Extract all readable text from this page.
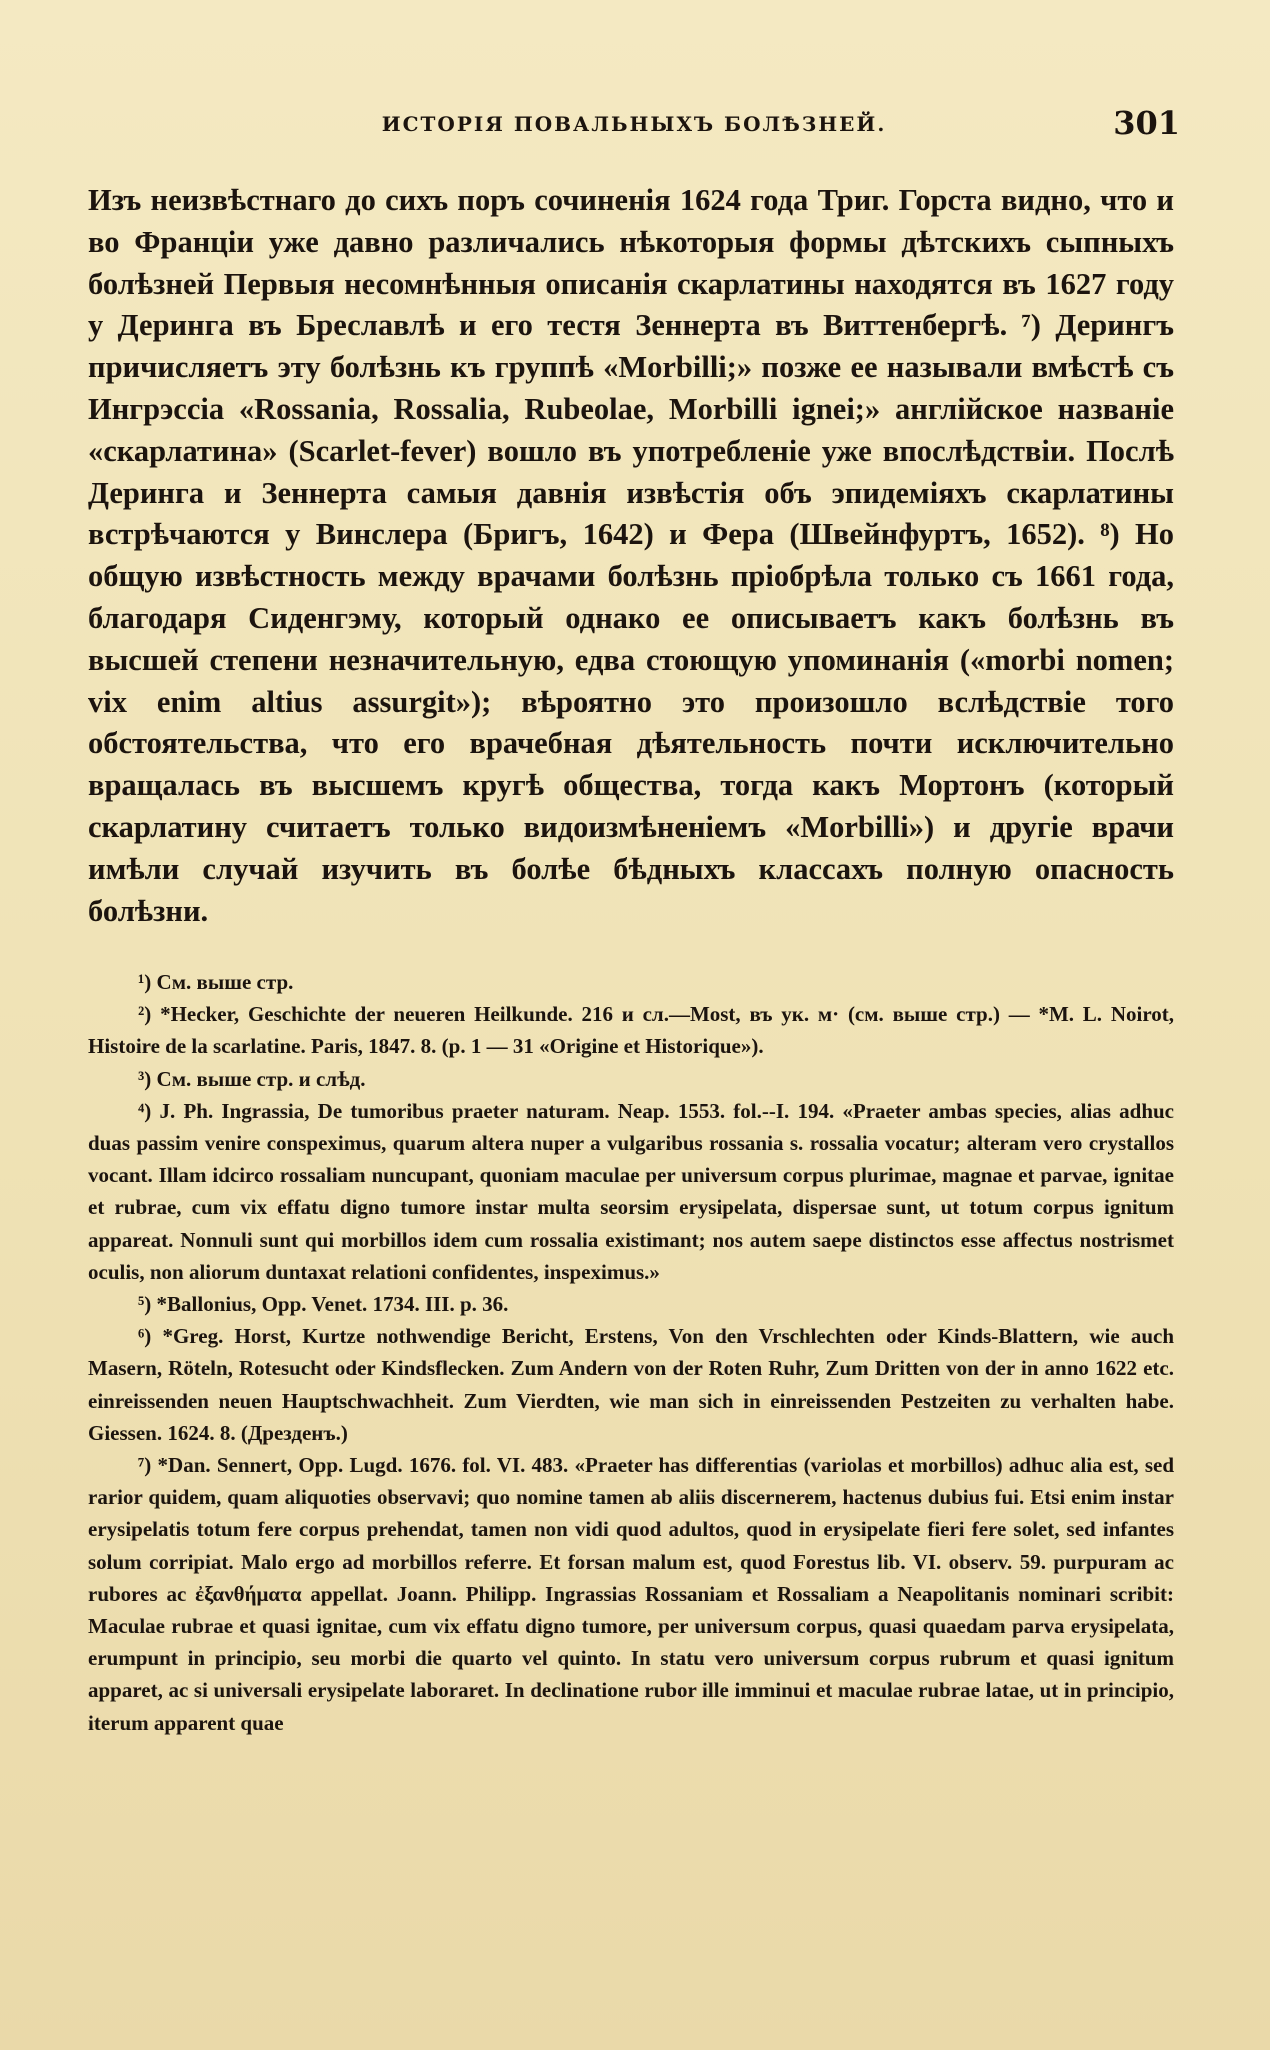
ИСТОРІЯ ПОВАЛЬНЫХЪ БОЛѢЗНЕЙ.	301

Изъ неизвѣстнаго до сихъ поръ сочиненія 1624 года Триг. Горста видно, что и во Франціи уже давно различались нѣкоторыя формы дѣтскихъ сыпныхъ болѣзней Первыя несомнѣнныя описанія скарлатины находятся въ 1627 году у Деринга въ Бреславлѣ и его тестя Зеннерта въ Виттенбергѣ. ⁷) Дерингъ причисляетъ эту болѣзнь къ группѣ «Morbilli;» позже ее называли вмѣстѣ съ Ингрэссіа «Rossania, Rossalia, Rubeolae, Morbilli ignei;» англійское названіе «скарлатина» (Scarlet-fever) вошло въ употребленіе уже впослѣдствіи. Послѣ Деринга и Зеннерта самыя давнія извѣстія объ эпидеміяхъ скарлатины встрѣчаются у Винслера (Бригъ, 1642) и Фера (Швейнфуртъ, 1652). ⁸) Но общую извѣстность между врачами болѣзнь пріобрѣла только съ 1661 года, благодаря Сиденгэму, который однако ее описываетъ какъ болѣзнь въ высшей степени незначительную, едва стоющую упоминанія («morbi nomen; vix enim altius assurgit»); вѣроятно это произошло вслѣдствіе того обстоятельства, что его врачебная дѣятельность почти исключительно вращалась въ высшемъ кругѣ общества, тогда какъ Мортонъ (который скарлатину считаетъ только видоизмѣненіемъ «Morbilli») и другіе врачи имѣли случай изучить въ болѣе бѣдныхъ классахъ полную опасность болѣзни.

¹) См. выше стр.

²) *Hecker, Geschichte der neueren Heilkunde. 216 и сл.—Most, въ ук. м· (см. выше стр.) — *M. L. Noirot, Histoire de la scarlatine. Paris, 1847. 8. (p. 1 — 31 «Origine et Historique»).

³) См. выше стр. и слѣд.

⁴) J. Ph. Ingrassia, De tumoribus praeter naturam. Neap. 1553. fol.--I. 194. «Praeter ambas species, alias adhuc duas passim venire conspeximus, quarum altera nuper a vulgaribus rossania s. rossalia vocatur; alteram vero crystallos vocant. Illam idcirco rossaliam nuncupant, quoniam maculae per universum corpus plurimae, magnae et parvae, ignitae et rubrae, cum vix effatu digno tumore instar multa seorsim erysipelata, dispersae sunt, ut totum corpus ignitum appareat. Nonnuli sunt qui morbillos idem cum rossalia existimant; nos autem saepe distinctos esse affectus nostrismet oculis, non aliorum duntaxat relationi confidentes, inspeximus.»

⁵) *Ballonius, Opp. Venet. 1734. III. p. 36.

⁶) *Greg. Horst, Kurtze nothwendige Bericht, Erstens, Von den Vrschlechten oder Kinds-Blattern, wie auch Masern, Röteln, Rotesucht oder Kindsflecken. Zum Andern von der Roten Ruhr, Zum Dritten von der in anno 1622 etc. einreissenden neuen Hauptschwachheit. Zum Vierdten, wie man sich in einreissenden Pestzeiten zu verhalten habe. Giessen. 1624. 8. (Дрезденъ.)

⁷) *Dan. Sennert, Opp. Lugd. 1676. fol. VI. 483. «Praeter has differentias (variolas et morbillos) adhuc alia est, sed rarior quidem, quam aliquoties observavi; quo nomine tamen ab aliis discernerem, hactenus dubius fui. Etsi enim instar erysipelatis totum fere corpus prehendat, tamen non vidi quod adultos, quod in erysipelate fieri fere solet, sed infantes solum corripiat. Malo ergo ad morbillos referre. Et forsan malum est, quod Forestus lib. VI. observ. 59. purpuram ac rubores ac ἐξανθήματα appellat. Joann. Philipp. Ingrassias Rossaniam et Rossaliam a Neapolitanis nominari scribit: Maculae rubrae et quasi ignitae, cum vix effatu digno tumore, per universum corpus, quasi quaedam parva erysipelata, erumpunt in principio, seu morbi die quarto vel quinto. In statu vero universum corpus rubrum et quasi ignitum apparet, ac si universali erysipelate laboraret. In declinatione rubor ille imminui et maculae rubrae latae, ut in principio, iterum apparent quae
